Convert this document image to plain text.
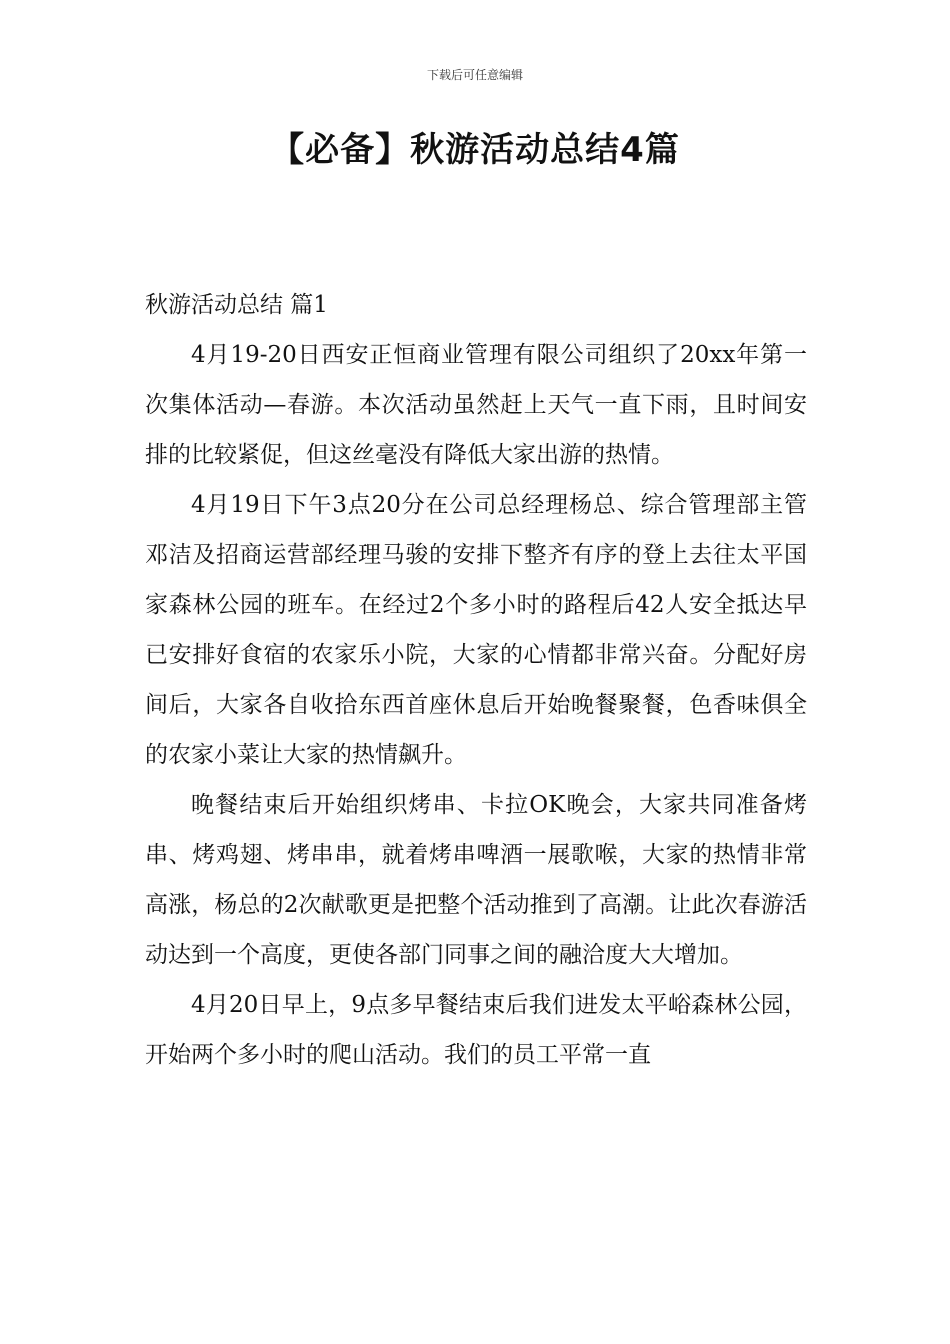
下载后可任意编辑
【必备】秋游活动总结4篇

秋游活动总结 篇1

4月19-20日西安正恒商业管理有限公司组织了20xx年第一次集体活动—春游。本次活动虽然赶上天气一直下雨，且时间安排的比较紧促，但这丝毫没有降低大家出游的热情。

4月19日下午3点20分在公司总经理杨总、综合管理部主管邓洁及招商运营部经理马骏的安排下整齐有序的登上去往太平国家森林公园的班车。在经过2个多小时的路程后42人安全抵达早已安排好食宿的农家乐小院，大家的心情都非常兴奋。分配好房间后，大家各自收拾东西首座休息后开始晚餐聚餐，色香味俱全的农家小菜让大家的热情飙升。

晚餐结束后开始组织烤串、卡拉OK晚会，大家共同准备烤串、烤鸡翅、烤串串，就着烤串啤酒一展歌喉，大家的热情非常高涨，杨总的2次献歌更是把整个活动推到了高潮。让此次春游活动达到一个高度，更使各部门同事之间的融洽度大大增加。

4月20日早上，9点多早餐结束后我们进发太平峪森林公园，开始两个多小时的爬山活动。我们的员工平常一直
